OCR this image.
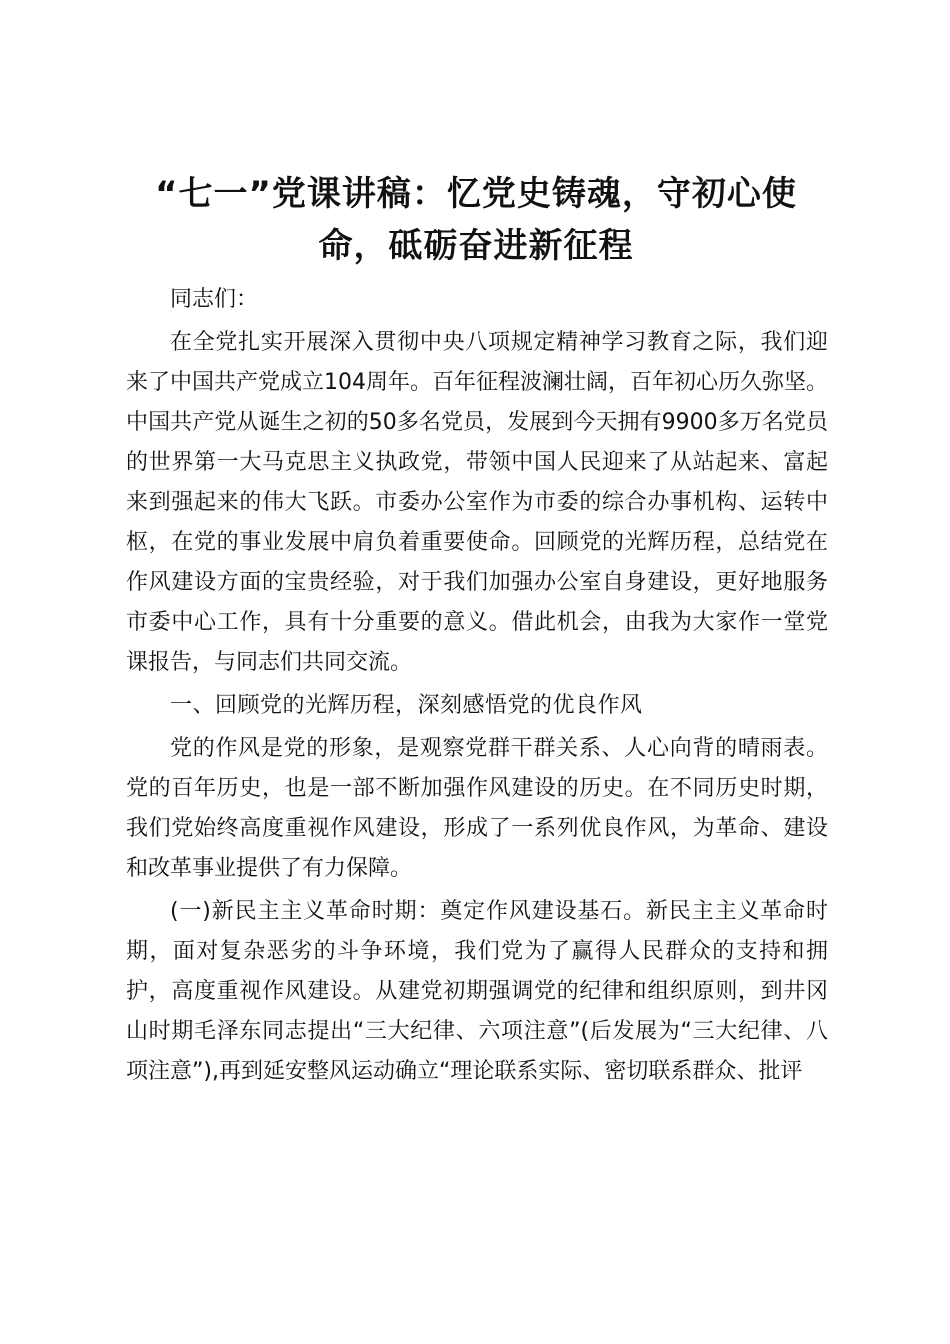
“七一”党课讲稿：忆党史铸魂，守初心使命，砥砺奋进新征程

同志们：

在全党扎实开展深入贯彻中央八项规定精神学习教育之际，我们迎来了中国共产党成立104周年。百年征程波澜壮阔，百年初心历久弥坚。中国共产党从诞生之初的50多名党员，发展到今天拥有9900多万名党员的世界第一大马克思主义执政党，带领中国人民迎来了从站起来、富起来到强起来的伟大飞跃。市委办公室作为市委的综合办事机构、运转中枢，在党的事业发展中肩负着重要使命。回顾党的光辉历程，总结党在作风建设方面的宝贵经验，对于我们加强办公室自身建设，更好地服务市委中心工作，具有十分重要的意义。借此机会，由我为大家作一堂党课报告，与同志们共同交流。

一、回顾党的光辉历程，深刻感悟党的优良作风

党的作风是党的形象，是观察党群干群关系、人心向背的晴雨表。党的百年历史，也是一部不断加强作风建设的历史。在不同历史时期，我们党始终高度重视作风建设，形成了一系列优良作风，为革命、建设和改革事业提供了有力保障。

(一)新民主主义革命时期：奠定作风建设基石。新民主主义革命时期，面对复杂恶劣的斗争环境，我们党为了赢得人民群众的支持和拥护，高度重视作风建设。从建党初期强调党的纪律和组织原则，到井冈山时期毛泽东同志提出“三大纪律、六项注意”(后发展为“三大纪律、八项注意”),再到延安整风运动确立“理论联系实际、密切联系群众、批评
